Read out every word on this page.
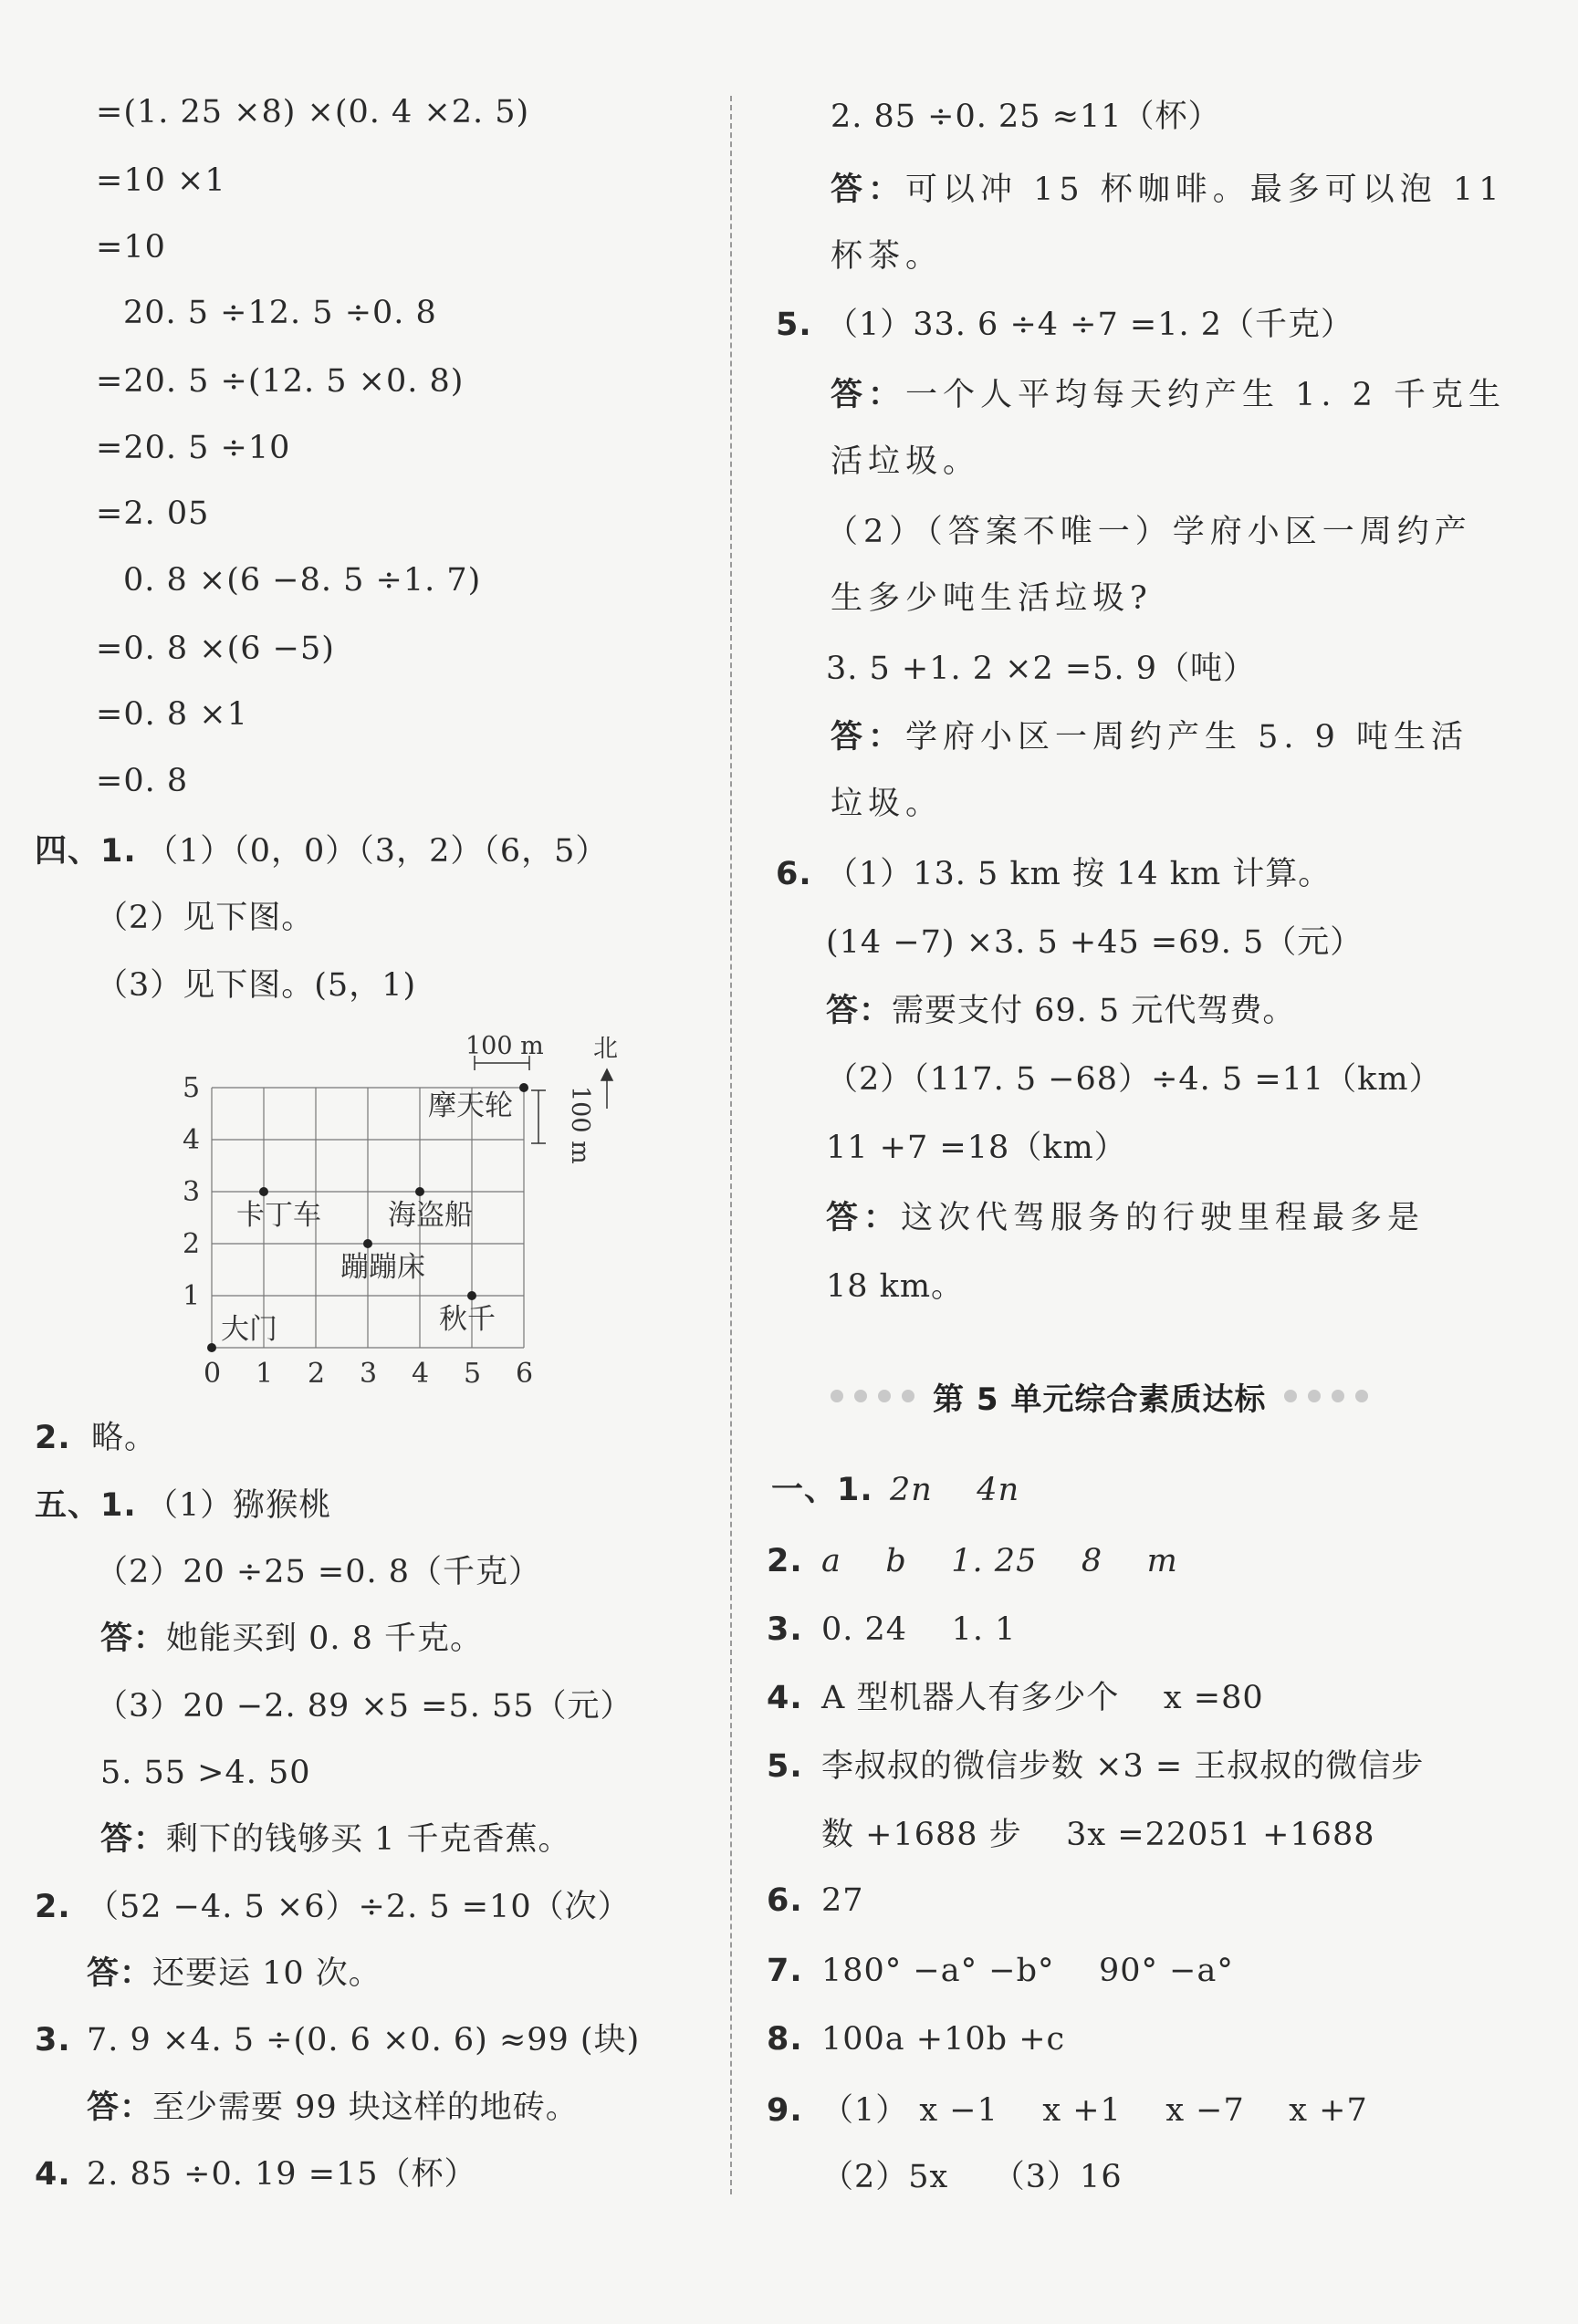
=(1. 25 ×8) ×(0. 4 ×2. 5)
=10 ×1
=10
20. 5 ÷12. 5 ÷0. 8
=20. 5 ÷(12. 5 ×0. 8)
=20. 5 ÷10
=2. 05
0. 8 ×(6 −8. 5 ÷1. 7)
=0. 8 ×(6 −5)
=0. 8 ×1
=0. 8
四、1. （1）（0，0）（3，2）（6，5）
（2）见下图。
（3）见下图。(5，1)
0 1 2 3 4 5 6
1
2
3
4
5
大门
卡丁车 海盗船
蹦蹦床
秋千
摩天轮
100 m
100 m
北
2. 略。
五、1. （1）猕猴桃
（2）20 ÷25 =0. 8（千克）
答：她能买到 0. 8 千克。
（3）20 −2. 89 ×5 =5. 55（元）
5. 55 >4. 50
答：剩下的钱够买 1 千克香蕉。
2. （52 −4. 5 ×6）÷2. 5 =10（次）
答：还要运 10 次。
3. 7. 9 ×4. 5 ÷(0. 6 ×0. 6) ≈99 (块)
答：至少需要 99 块这样的地砖。
4. 2. 85 ÷0. 19 =15（杯）
2. 85 ÷0. 25 ≈11（杯）
答：可以冲 15 杯咖啡。最多可以泡 11
杯茶。
5. （1）33. 6 ÷4 ÷7 =1. 2（千克）
答：一个人平均每天约产生 1. 2 千克生
活垃圾。
（2）（答案不唯一）学府小区一周约产
生多少吨生活垃圾?
3. 5 +1. 2 ×2 =5. 9（吨）
答：学府小区一周约产生 5. 9 吨生活
垃圾。
6. （1）13. 5 km 按 14 km 计算。
(14 −7) ×3. 5 +45 =69. 5（元）
答：需要支付 69. 5 元代驾费。
（2）（117. 5 −68）÷4. 5 =11（km）
11 +7 =18（km）
答：这次代驾服务的行驶里程最多是
18 km。
第 5 单元综合素质达标
一、1. 2n    4n
2. a    b    1. 25    8    m
3. 0. 24    1. 1
4. A 型机器人有多少个    x =80
5. 李叔叔的微信步数 ×3 = 王叔叔的微信步
数 +1688 步    3x =22051 +1688
6. 27
7. 180° −a° −b°    90° −a°
8. 100a +10b +c
9. （1） x −1    x +1    x −7    x +7
（2）5x    （3）16
